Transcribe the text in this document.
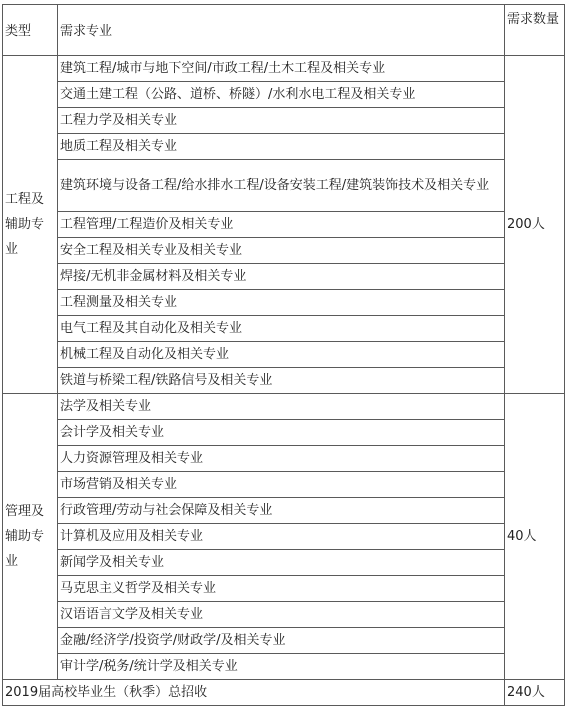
类型	需求专业	需求数量
工程及辅助专业	建筑工程/城市与地下空间/市政工程/土木工程及相关专业	200人
	交通土建工程（公路、道桥、桥隧）/水利水电工程及相关专业	
	工程力学及相关专业	
	地质工程及相关专业	
	建筑环境与设备工程/给水排水工程/设备安装工程/建筑装饰技术及相关专业	
	工程管理/工程造价及相关专业	
	安全工程及相关专业及相关专业	
	焊接/无机非金属材料及相关专业	
	工程测量及相关专业	
	电气工程及其自动化及相关专业	
	机械工程及自动化及相关专业	
	铁道与桥梁工程/铁路信号及相关专业	
管理及辅助专业	法学及相关专业	40人
	会计学及相关专业	
	人力资源管理及相关专业	
	市场营销及相关专业	
	行政管理/劳动与社会保障及相关专业	
	计算机及应用及相关专业	
	新闻学及相关专业	
	马克思主义哲学及相关专业	
	汉语语言文学及相关专业	
	金融/经济学/投资学/财政学/及相关专业	
	审计学/税务/统计学及相关专业	
2019届高校毕业生（秋季）总招收		240人
